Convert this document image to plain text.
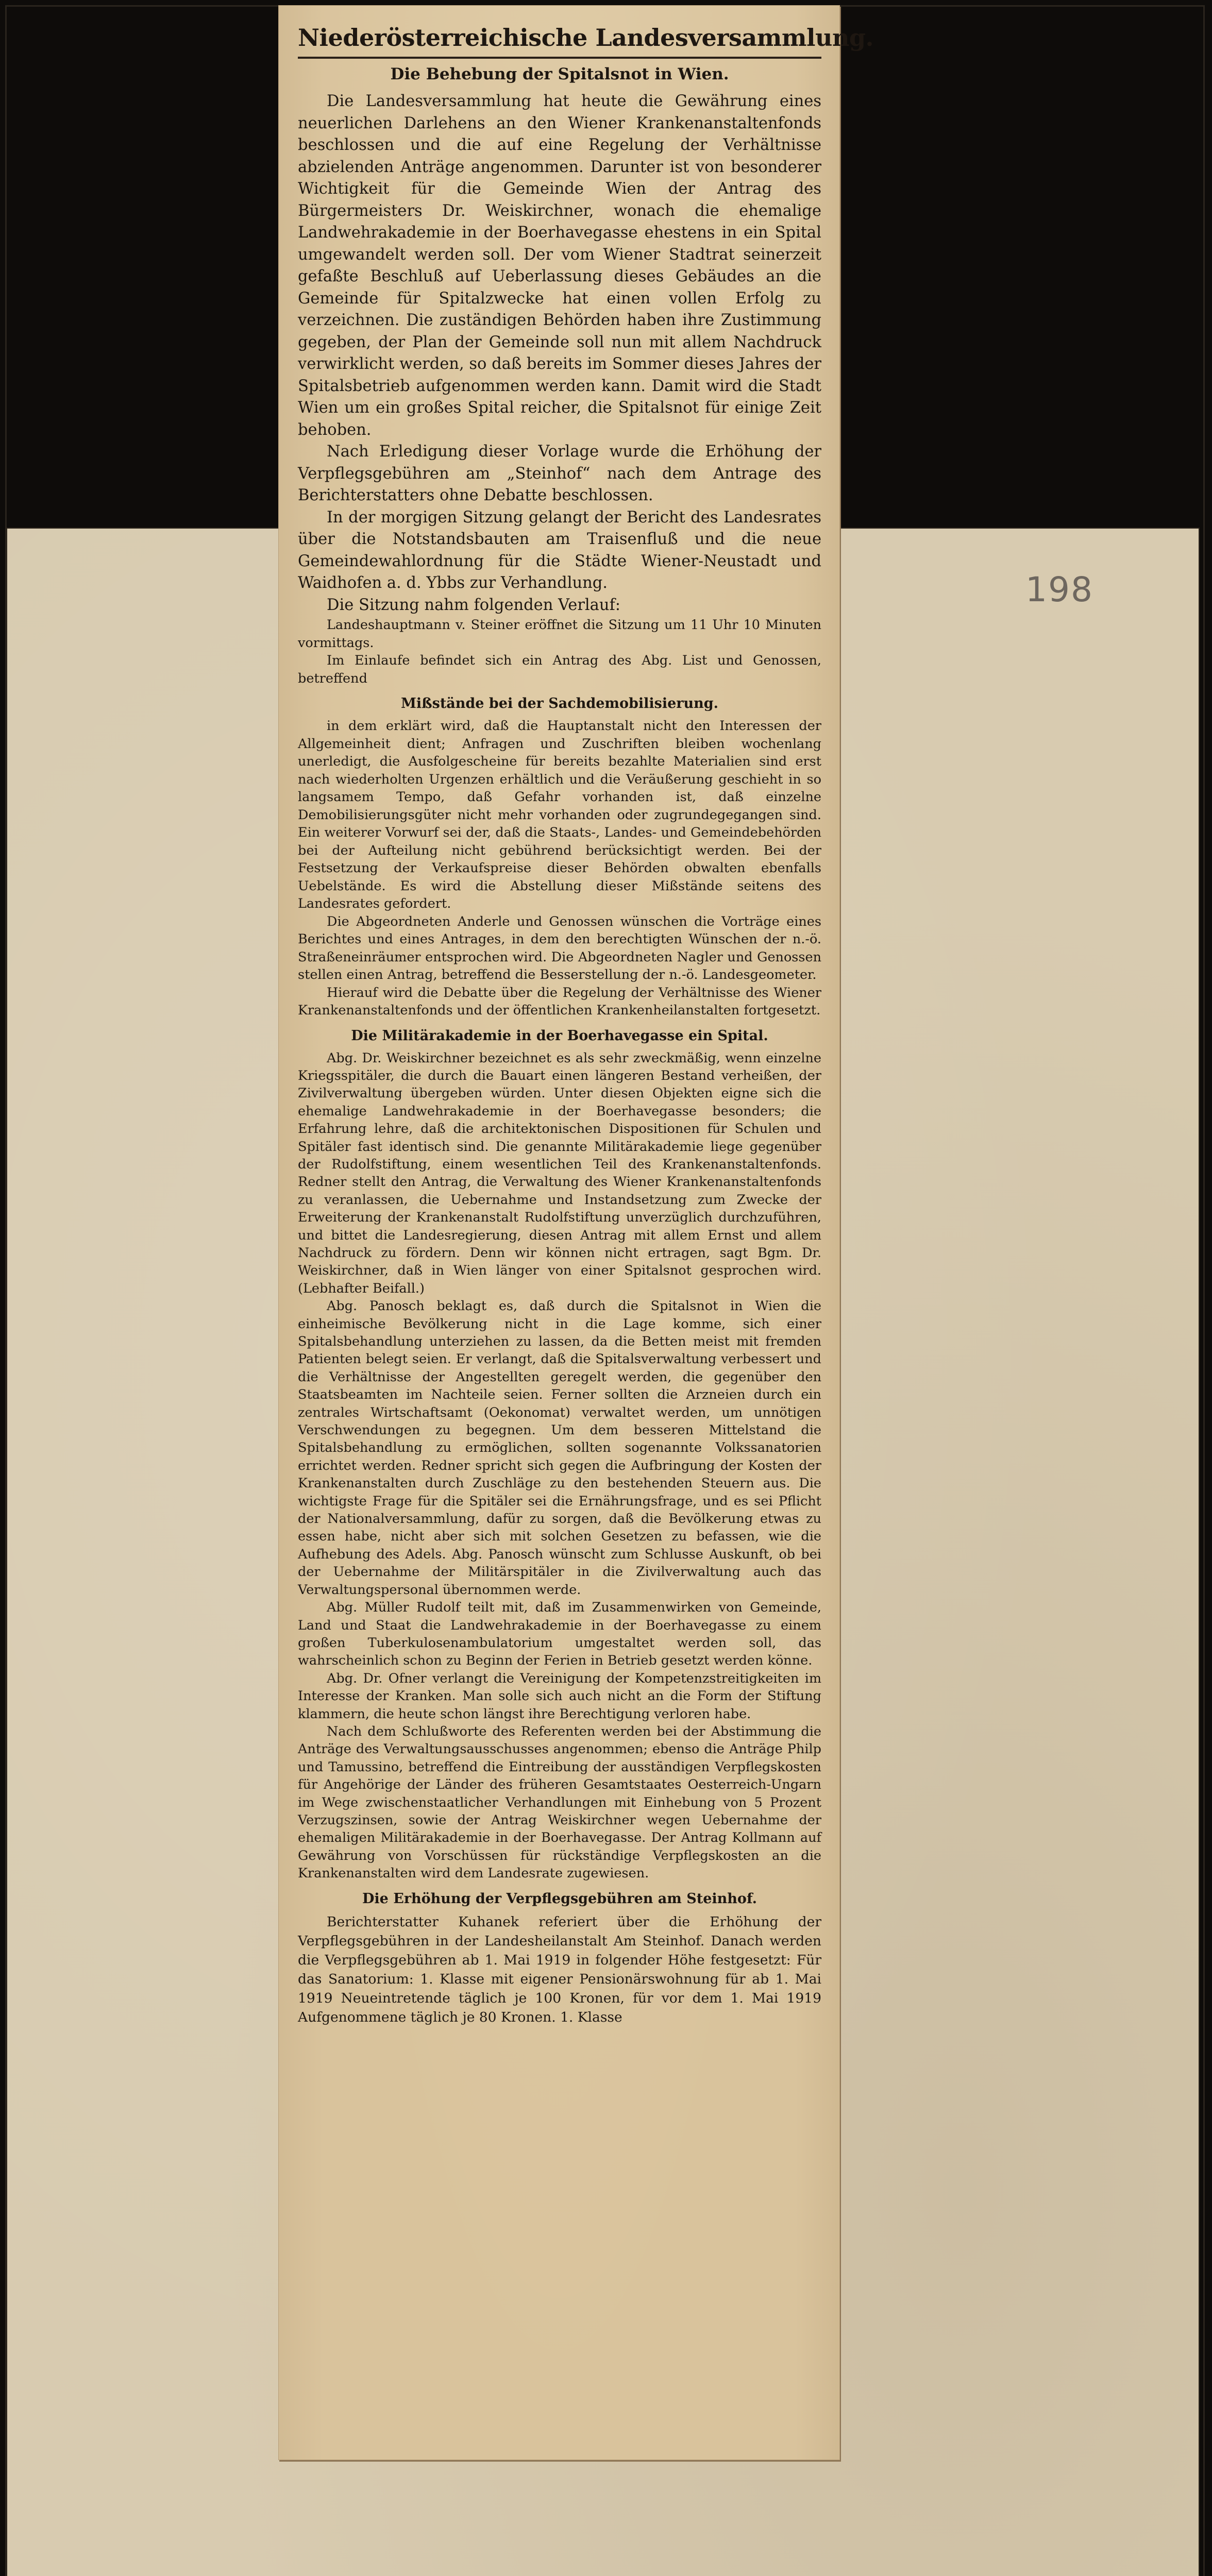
198
Niederösterreichische Landesversammlung.
Die Behebung der Spitalsnot in Wien.

Die Landesversammlung hat heute die Gewährung eines neuerlichen Darlehens an den Wiener Krankenanstaltenfonds beschlossen und die auf eine Regelung der Verhältnisse abzielenden Anträge angenommen. Darunter ist von besonderer Wichtigkeit für die Gemeinde Wien der Antrag des Bürgermeisters Dr. Weiskirchner, wonach die ehemalige Landwehrakademie in der Boerhavegasse ehestens in ein Spital umgewandelt werden soll. Der vom Wiener Stadtrat seinerzeit gefaßte Beschluß auf Ueberlassung dieses Gebäudes an die Gemeinde für Spitalzwecke hat einen vollen Erfolg zu verzeichnen. Die zuständigen Behörden haben ihre Zustimmung gegeben, der Plan der Gemeinde soll nun mit allem Nachdruck verwirklicht werden, so daß bereits im Sommer dieses Jahres der Spitalsbetrieb aufgenommen werden kann. Damit wird die Stadt Wien um ein großes Spital reicher, die Spitalsnot für einige Zeit behoben.

Nach Erledigung dieser Vorlage wurde die Erhöhung der Verpflegsgebühren am „Steinhof“ nach dem Antrage des Berichterstatters ohne Debatte beschlossen.

In der morgigen Sitzung gelangt der Bericht des Landesrates über die Notstandsbauten am Traisenfluß und die neue Gemeindewahlordnung für die Städte Wiener-Neustadt und Waidhofen a. d. Ybbs zur Verhandlung.

Die Sitzung nahm folgenden Verlauf:

Landeshauptmann v. Steiner eröffnet die Sitzung um 11 Uhr 10 Minuten vormittags.

Im Einlaufe befindet sich ein Antrag des Abg. List und Genossen, betreffend

Mißstände bei der Sachdemobilisierung.

in dem erklärt wird, daß die Hauptanstalt nicht den Interessen der Allgemeinheit dient; Anfragen und Zuschriften bleiben wochenlang unerledigt, die Ausfolgescheine für bereits bezahlte Materialien sind erst nach wiederholten Urgenzen erhältlich und die Veräußerung geschieht in so langsamem Tempo, daß Gefahr vorhanden ist, daß einzelne Demobilisierungsgüter nicht mehr vorhanden oder zugrundegegangen sind. Ein weiterer Vorwurf sei der, daß die Staats-, Landes- und Gemeindebehörden bei der Aufteilung nicht gebührend berücksichtigt werden. Bei der Festsetzung der Verkaufspreise dieser Behörden obwalten ebenfalls Uebelstände. Es wird die Abstellung dieser Mißstände seitens des Landesrates gefordert.

Die Abgeordneten Anderle und Genossen wünschen die Vorträge eines Berichtes und eines Antrages, in dem den berechtigten Wünschen der n.-ö. Straßeneinräumer entsprochen wird. Die Abgeordneten Nagler und Genossen stellen einen Antrag, betreffend die Besserstellung der n.-ö. Landesgeometer.

Hierauf wird die Debatte über die Regelung der Verhältnisse des Wiener Krankenanstaltenfonds und der öffentlichen Krankenheilanstalten fortgesetzt.

Die Militärakademie in der Boerhavegasse ein Spital.

Abg. Dr. Weiskirchner bezeichnet es als sehr zweckmäßig, wenn einzelne Kriegsspitäler, die durch die Bauart einen längeren Bestand verheißen, der Zivilverwaltung übergeben würden. Unter diesen Objekten eigne sich die ehemalige Landwehrakademie in der Boerhavegasse besonders; die Erfahrung lehre, daß die architektonischen Dispositionen für Schulen und Spitäler fast identisch sind. Die genannte Militärakademie liege gegenüber der Rudolfstiftung, einem wesentlichen Teil des Krankenanstaltenfonds. Redner stellt den Antrag, die Verwaltung des Wiener Krankenanstaltenfonds zu veranlassen, die Uebernahme und Instandsetzung zum Zwecke der Erweiterung der Krankenanstalt Rudolfstiftung unverzüglich durchzuführen, und bittet die Landesregierung, diesen Antrag mit allem Ernst und allem Nachdruck zu fördern. Denn wir können nicht ertragen, sagt Bgm. Dr. Weiskirchner, daß in Wien länger von einer Spitalsnot gesprochen wird. (Lebhafter Beifall.)

Abg. Panosch beklagt es, daß durch die Spitalsnot in Wien die einheimische Bevölkerung nicht in die Lage komme, sich einer Spitalsbehandlung unterziehen zu lassen, da die Betten meist mit fremden Patienten belegt seien. Er verlangt, daß die Spitalsverwaltung verbessert und die Verhältnisse der Angestellten geregelt werden, die gegenüber den Staatsbeamten im Nachteile seien. Ferner sollten die Arzneien durch ein zentrales Wirtschaftsamt (Oekonomat) verwaltet werden, um unnötigen Verschwendungen zu begegnen. Um dem besseren Mittelstand die Spitalsbehandlung zu ermöglichen, sollten sogenannte Volkssanatorien errichtet werden. Redner spricht sich gegen die Aufbringung der Kosten der Krankenanstalten durch Zuschläge zu den bestehenden Steuern aus. Die wichtigste Frage für die Spitäler sei die Ernährungsfrage, und es sei Pflicht der Nationalversammlung, dafür zu sorgen, daß die Bevölkerung etwas zu essen habe, nicht aber sich mit solchen Gesetzen zu befassen, wie die Aufhebung des Adels. Abg. Panosch wünscht zum Schlusse Auskunft, ob bei der Uebernahme der Militärspitäler in die Zivilverwaltung auch das Verwaltungspersonal übernommen werde.

Abg. Müller Rudolf teilt mit, daß im Zusammenwirken von Gemeinde, Land und Staat die Landwehrakademie in der Boerhavegasse zu einem großen Tuberkulosenambulatorium umgestaltet werden soll, das wahrscheinlich schon zu Beginn der Ferien in Betrieb gesetzt werden könne.

Abg. Dr. Ofner verlangt die Vereinigung der Kompetenzstreitigkeiten im Interesse der Kranken. Man solle sich auch nicht an die Form der Stiftung klammern, die heute schon längst ihre Berechtigung verloren habe.

Nach dem Schlußworte des Referenten werden bei der Abstimmung die Anträge des Verwaltungsausschusses angenommen; ebenso die Anträge Philp und Tamussino, betreffend die Eintreibung der ausständigen Verpflegskosten für Angehörige der Länder des früheren Gesamtstaates Oesterreich-Ungarn im Wege zwischenstaatlicher Verhandlungen mit Einhebung von 5 Prozent Verzugszinsen, sowie der Antrag Weiskirchner wegen Uebernahme der ehemaligen Militärakademie in der Boerhavegasse. Der Antrag Kollmann auf Gewährung von Vorschüssen für rückständige Verpflegskosten an die Krankenanstalten wird dem Landesrate zugewiesen.

Die Erhöhung der Verpflegsgebühren am Steinhof.

Berichterstatter Kuhanek referiert über die Erhöhung der Verpflegsgebühren in der Landesheilanstalt Am Steinhof. Danach werden die Verpflegsgebühren ab 1. Mai 1919 in folgender Höhe festgesetzt: Für das Sanatorium: 1. Klasse mit eigener Pensionärswohnung für ab 1. Mai 1919 Neueintretende täglich je 100 Kronen, für vor dem 1. Mai 1919 Aufgenommene täglich je 80 Kronen. 1. Klasse
